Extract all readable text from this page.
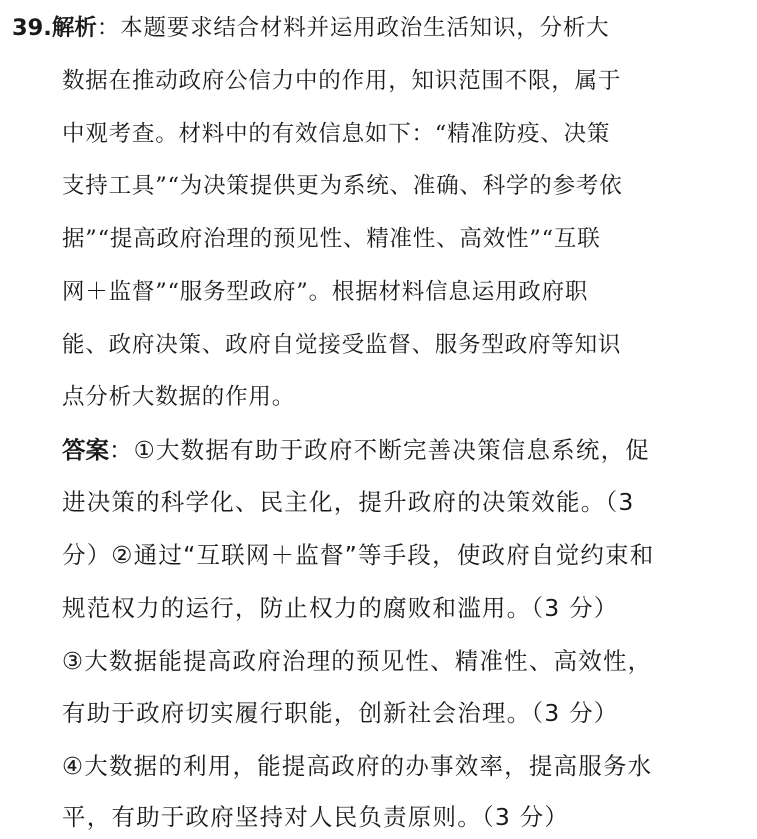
39.解析：本题要求结合材料并运用政治生活知识，分析大
数据在推动政府公信力中的作用，知识范围不限，属于
中观考查。材料中的有效信息如下：“精准防疫、决策
支持工具”“为决策提供更为系统、准确、科学的参考依
据”“提高政府治理的预见性、精准性、高效性”“互联
网＋监督”“服务型政府”。根据材料信息运用政府职
能、政府决策、政府自觉接受监督、服务型政府等知识
点分析大数据的作用。
答案：①大数据有助于政府不断完善决策信息系统，促
进决策的科学化、民主化，提升政府的决策效能。（3
分）②通过“互联网＋监督”等手段，使政府自觉约束和
规范权力的运行，防止权力的腐败和滥用。（3 分）
③大数据能提高政府治理的预见性、精准性、高效性，
有助于政府切实履行职能，创新社会治理。（3 分）
④大数据的利用，能提高政府的办事效率，提高服务水
平，有助于政府坚持对人民负责原则。（3 分）
